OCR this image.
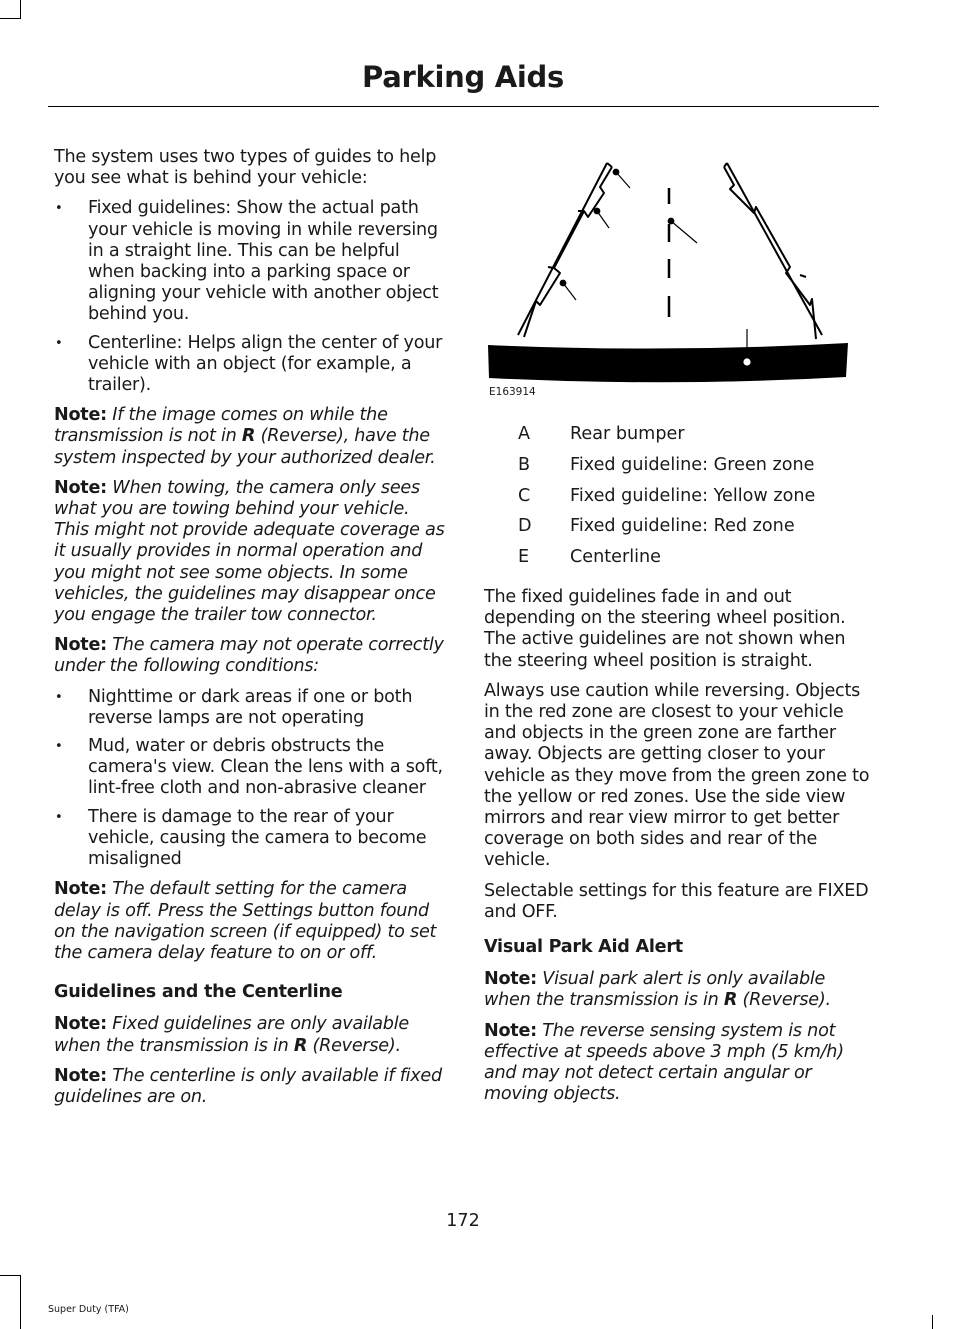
Parking Aids

The system uses two types of guides to help you see what is behind your vehicle:

• Fixed guidelines: Show the actual path your vehicle is moving in while reversing in a straight line. This can be helpful when backing into a parking space or aligning your vehicle with another object behind you.
• Centerline: Helps align the center of your vehicle with an object (for example, a trailer).

Note: If the image comes on while the transmission is not in R (Reverse), have the system inspected by your authorized dealer.

Note: When towing, the camera only sees what you are towing behind your vehicle. This might not provide adequate coverage as it usually provides in normal operation and you might not see some objects. In some vehicles, the guidelines may disappear once you engage the trailer tow connector.

Note: The camera may not operate correctly under the following conditions:

• Nighttime or dark areas if one or both reverse lamps are not operating
• Mud, water or debris obstructs the camera's view. Clean the lens with a soft, lint-free cloth and non-abrasive cleaner
• There is damage to the rear of your vehicle, causing the camera to become misaligned

Note: The default setting for the camera delay is off. Press the Settings button found on the navigation screen (if equipped) to set the camera delay feature to on or off.

Guidelines and the Centerline

Note: Fixed guidelines are only available when the transmission is in R (Reverse).

Note: The centerline is only available if fixed guidelines are on.

E163914
A	Rear bumper
B	Fixed guideline: Green zone
C	Fixed guideline: Yellow zone
D	Fixed guideline: Red zone
E	Centerline

The fixed guidelines fade in and out depending on the steering wheel position. The active guidelines are not shown when the steering wheel position is straight.

Always use caution while reversing. Objects in the red zone are closest to your vehicle and objects in the green zone are farther away. Objects are getting closer to your vehicle as they move from the green zone to the yellow or red zones. Use the side view mirrors and rear view mirror to get better coverage on both sides and rear of the vehicle.

Selectable settings for this feature are FIXED and OFF.

Visual Park Aid Alert

Note: Visual park alert is only available when the transmission is in R (Reverse).

Note: The reverse sensing system is not effective at speeds above 3 mph (5 km/h) and may not detect certain angular or moving objects.

172
Super Duty (TFA)
